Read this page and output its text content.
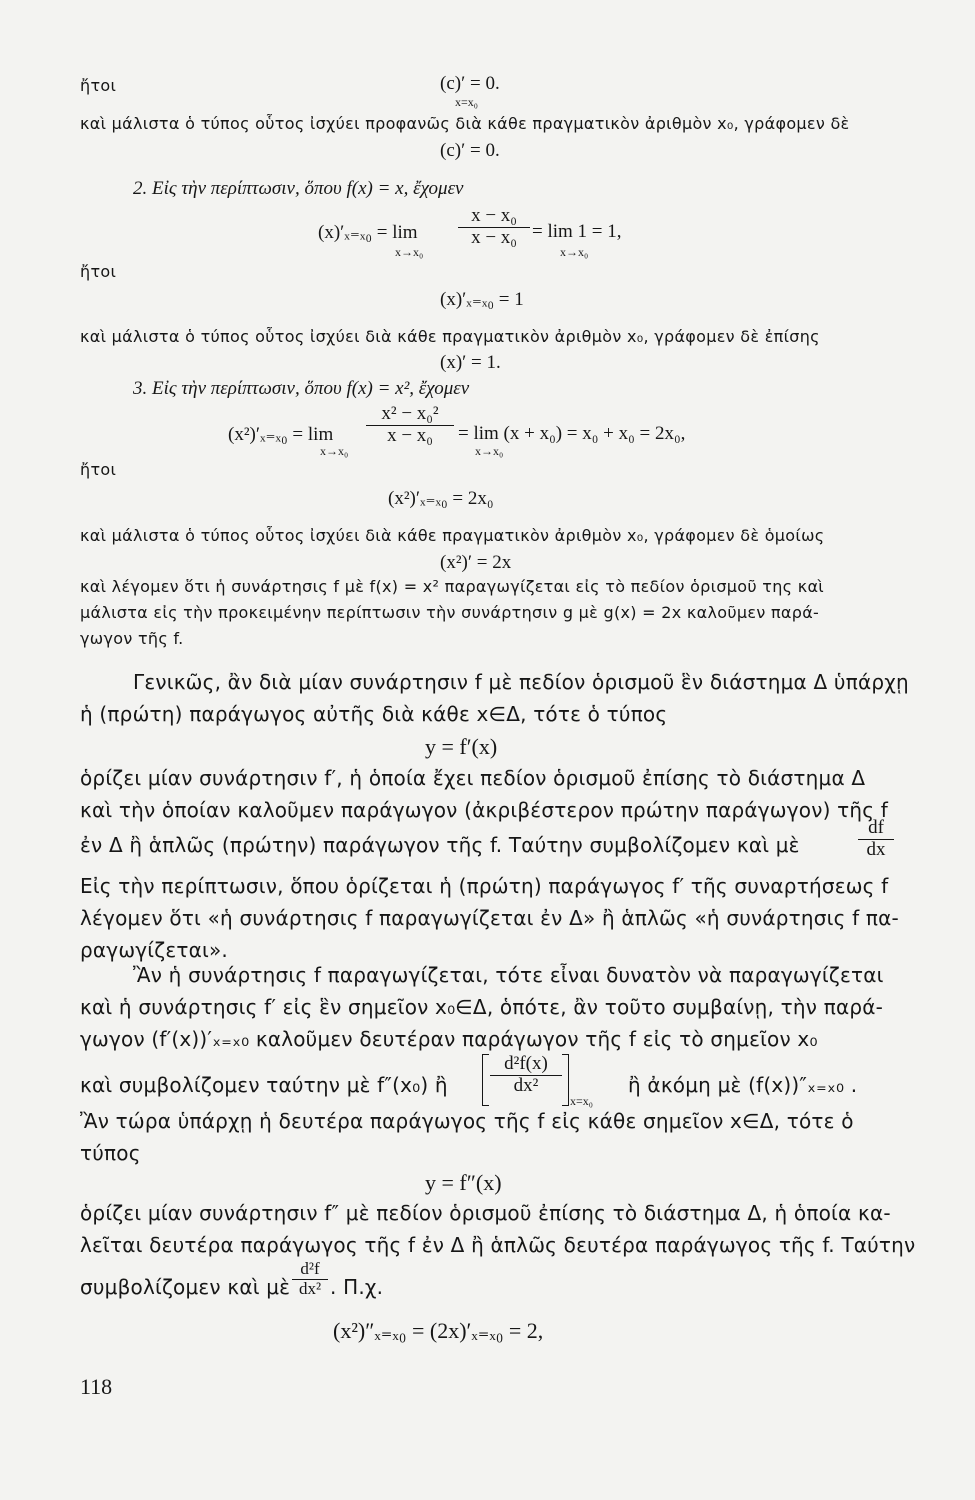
ἤτοι	(c)′ = 0.
x=x₀
καὶ μάλιστα ὁ τύπος οὗτος ἰσχύει προφανῶς διὰ κάθε πραγματικὸν ἀριθμὸν x₀, γράφομεν δὲ
(c)′ = 0.
2. Εἰς τὴν περίπτωσιν, ὅπου f(x) = x, ἔχομεν
$(x)'_{x=x0} = \lim \frac{\text{x − x₀}}{\text{x − x₀}} = \lim 1 = 1$,
x→x₀	x→x₀
ἤτοι
(x)′ₓ₌ₓ₀ = 1
καὶ μάλιστα ὁ τύπος οὗτος ἰσχύει διὰ κάθε πραγματικὸν ἀριθμὸν x₀, γράφομεν δὲ ἐπίσης
(x)′ = 1.
3. Εἰς τὴν περίπτωσιν, ὅπου f(x) = x², ἔχομεν
$(x^2)'_{x=x0} = \lim \frac{\text{x² − x₀²}}{\text{x − x₀}} = \lim (x + x_0) = x_0 + x_0 = 2x_0$,
x→x₀	x→x₀
ἤτοι
(x²)′ₓ₌ₓ₀ = 2x₀
καὶ μάλιστα ὁ τύπος οὗτος ἰσχύει διὰ κάθε πραγματικὸν ἀριθμὸν x₀, γράφομεν δὲ ὁμοίως
(x²)′ = 2x
καὶ λέγομεν ὅτι ἡ συνάρτησις f μὲ f(x) = x² παραγωγίζεται εἰς τὸ πεδίον ὁρισμοῦ της καὶ
μάλιστα εἰς τὴν προκειμένην περίπτωσιν τὴν συνάρτησιν g μὲ g(x) = 2x καλοῦμεν παρά-
γωγον τῆς f.
Γενικῶς, ἂν διὰ μίαν συνάρτησιν f μὲ πεδίον ὁρισμοῦ ἓν διάστημα Δ ὑπάρχῃ
ἡ (πρώτη) παράγωγος αὐτῆς διὰ κάθε x∈Δ, τότε ὁ τύπος
y = f′(x)
ὁρίζει μίαν συνάρτησιν f′, ἡ ὁποία ἔχει πεδίον ὁρισμοῦ ἐπίσης τὸ διάστημα Δ
καὶ τὴν ὁποίαν καλοῦμεν παράγωγον (ἀκριβέστερον πρώτην παράγωγον) τῆς f
ἐν Δ ἢ ἁπλῶς (πρώτην) παράγωγον τῆς f. Ταύτην συμβολίζομεν καὶ μὲ	$\frac{df}{dx}$
Εἰς τὴν περίπτωσιν, ὅπου ὁρίζεται ἡ (πρώτη) παράγωγος f′ τῆς συναρτήσεως f
λέγομεν ὅτι «ἡ συνάρτησις f παραγωγίζεται ἐν Δ» ἢ ἁπλῶς «ἡ συνάρτησις f πα-
ραγωγίζεται».
Ἂν ἡ συνάρτησις f παραγωγίζεται, τότε εἶναι δυνατὸν νὰ παραγωγίζεται
καὶ ἡ συνάρτησις f′ εἰς ἓν σημεῖον x₀∈Δ, ὁπότε, ἂν τοῦτο συμβαίνῃ, τὴν παρά-
γωγον (f′(x))′ₓ₌ₓ₀ καλοῦμεν δευτέραν παράγωγον τῆς f εἰς τὸ σημεῖον x₀
καὶ συμβολίζομεν ταύτην μὲ f″(x₀) ἢ $\frac{\text{d²f(x)}}{\text{dx²}}$
x=x₀
ἢ ἀκόμη μὲ (f(x))″ₓ₌ₓ₀ .
Ἂν τώρα ὑπάρχῃ ἡ δευτέρα παράγωγος τῆς f εἰς κάθε σημεῖον x∈Δ, τότε ὁ
τύπος
y = f″(x)
ὁρίζει μίαν συνάρτησιν f″ μὲ πεδίον ὁρισμοῦ ἐπίσης τὸ διάστημα Δ, ἡ ὁποία κα-
λεῖται δευτέρα παράγωγος τῆς f ἐν Δ ἢ ἁπλῶς δευτέρα παράγωγος τῆς f. Ταύτην
συμβολίζομεν καὶ μὲ $\frac{\text{d²f}}{\text{dx²}}$ . Π.χ.
(x²)″ₓ₌ₓ₀ = (2x)′ₓ₌ₓ₀ = 2,
118
